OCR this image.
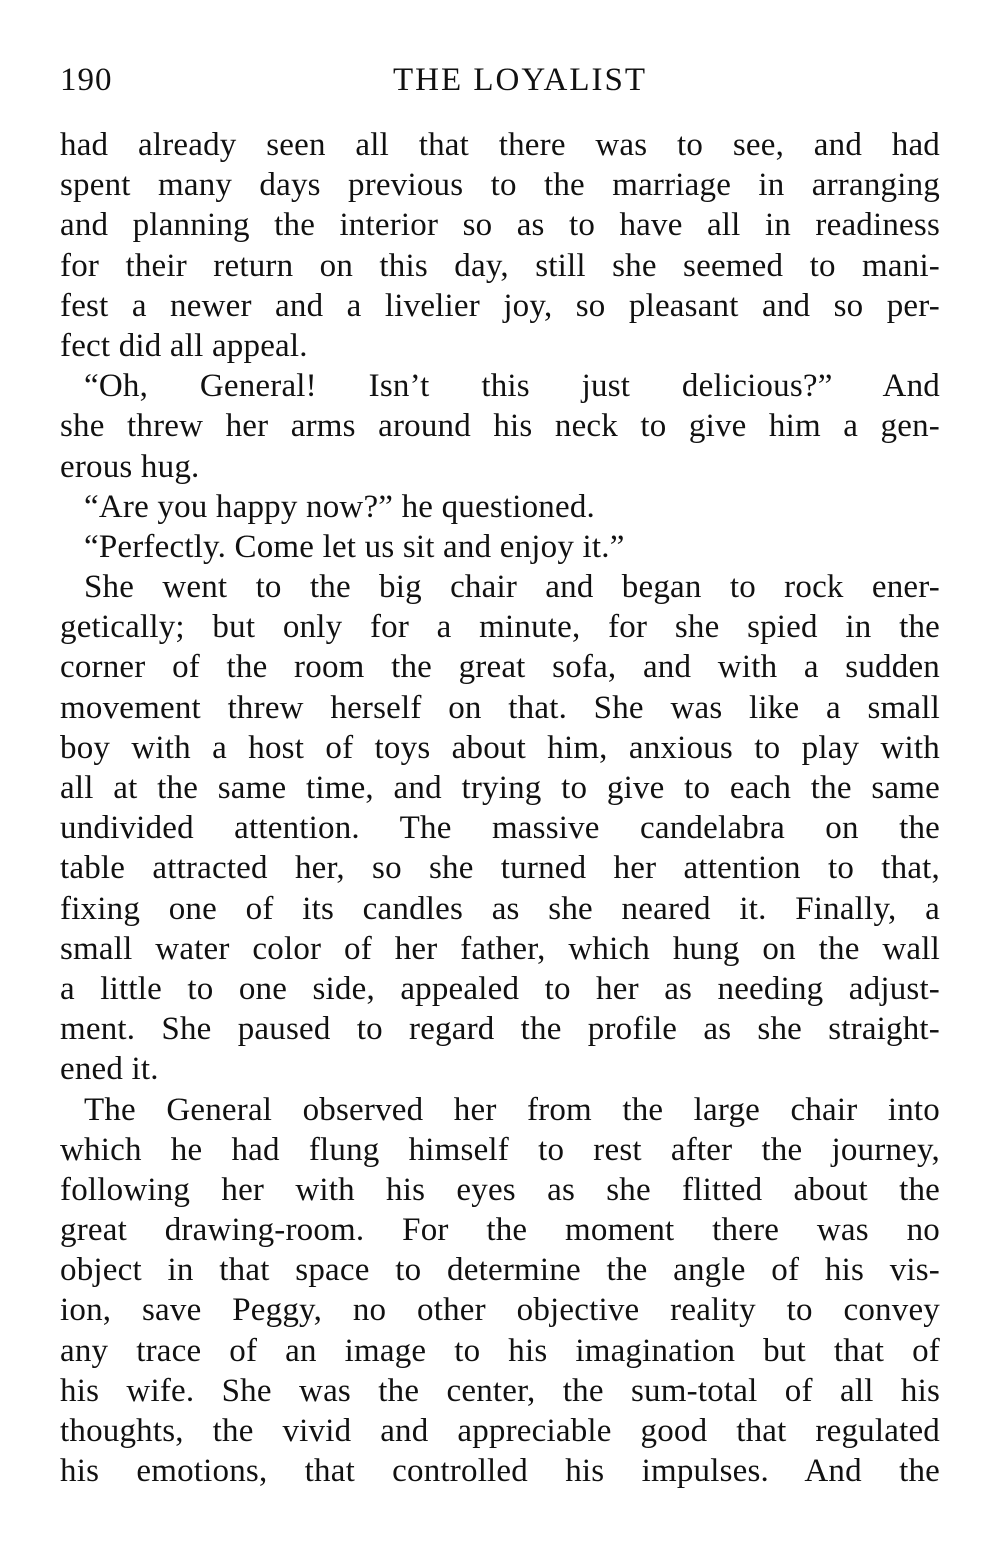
190	THE LOYALIST
had already seen all that there was to see, and had
spent many days previous to the marriage in arranging
and planning the interior so as to have all in readiness
for their return on this day, still she seemed to mani-
fest a newer and a livelier joy, so pleasant and so per-
fect did all appeal.
“Oh, General! Isn’t this just delicious?” And
she threw her arms around his neck to give him a gen-
erous hug.
“Are you happy now?” he questioned.
“Perfectly. Come let us sit and enjoy it.”
She went to the big chair and began to rock ener-
getically; but only for a minute, for she spied in the
corner of the room the great sofa, and with a sudden
movement threw herself on that. She was like a small
boy with a host of toys about him, anxious to play with
all at the same time, and trying to give to each the same
undivided attention. The massive candelabra on the
table attracted her, so she turned her attention to that,
fixing one of its candles as she neared it. Finally, a
small water color of her father, which hung on the wall
a little to one side, appealed to her as needing adjust-
ment. She paused to regard the profile as she straight-
ened it.
The General observed her from the large chair into
which he had flung himself to rest after the journey,
following her with his eyes as she flitted about the
great drawing-room. For the moment there was no
object in that space to determine the angle of his vis-
ion, save Peggy, no other objective reality to convey
any trace of an image to his imagination but that of
his wife. She was the center, the sum-total of all his
thoughts, the vivid and appreciable good that regulated
his emotions, that controlled his impulses. And the
